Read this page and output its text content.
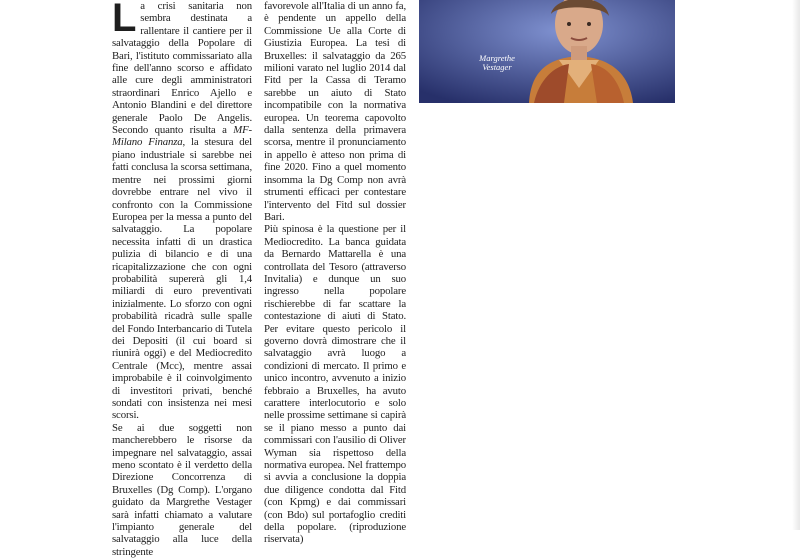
La crisi sanitaria non sembra destinata a rallentare il cantiere per il salvataggio della Popolare di Bari, l'istituto commissariato alla fine dell'anno scorso e affidato alle cure degli amministratori straordinari Enrico Ajello e Antonio Blandini e del direttore generale Paolo De Angelis. Secondo quanto risulta a MF-Milano Finanza, la stesura del piano industriale si sarebbe nei fatti conclusa la scorsa settimana, mentre nei prossimi giorni dovrebbe entrare nel vivo il confronto con la Commissione Europea per la messa a punto del salvataggio. La popolare necessita infatti di un drastica pulizia di bilancio e di una ricapitalizzazione che con ogni probabilità supererà gli 1,4 miliardi di euro preventivati inizialmente. Lo sforzo con ogni probabilità ricadrà sulle spalle del Fondo Interbancario di Tutela dei Depositi (il cui board si riunirà oggi) e del Mediocredito Centrale (Mcc), mentre assai improbabile è il coinvolgimento di investitori privati, benché sondati con insistenza nei mesi scorsi.

Se ai due soggetti non mancherebbero le risorse da impegnare nel salvataggio, assai meno scontato è il verdetto della Direzione Concorrenza di Bruxelles (Dg Comp). L'organo guidato da Margrethe Vestager sarà infatti chiamato a valutare l'impianto generale del salvataggio alla luce della stringente

favorevole all'Italia di un anno fa, è pendente un appello della Commissione Ue alla Corte di Giustizia Europea. La tesi di Bruxelles: il salvataggio da 265 milioni varato nel luglio 2014 dal Fitd per la Cassa di Teramo sarebbe un aiuto di Stato incompatibile con la normativa europea. Un teorema capovolto dalla sentenza della primavera scorsa, mentre il pronunciamento in appello è atteso non prima di fine 2020. Fino a quel momento insomma la Dg Comp non avrà strumenti efficaci per contestare l'intervento del Fitd sul dossier Bari.

Più spinosa è la questione per il Mediocredito. La banca guidata da Bernardo Mattarella è una controllata del Tesoro (attraverso Invitalia) e dunque un suo ingresso nella popolare rischierebbe di far scattare la contestazione di aiuti di Stato. Per evitare questo pericolo il governo dovrà dimostrare che il salvataggio avrà luogo a condizioni di mercato. Il primo e unico incontro, avvenuto a inizio febbraio a Bruxelles, ha avuto carattere interlocutorio e solo nelle prossime settimane si capirà se il piano messo a punto dai commissari con l'ausilio di Oliver Wyman sia rispettoso della normativa europea. Nel frattempo si avvia a conclusione la doppia due diligence condotta dal Fitd (con Kpmg) e dai commissari (con Bdo) sul portafoglio crediti della popolare. (riproduzione riservata)

Margrethe
Vestager
